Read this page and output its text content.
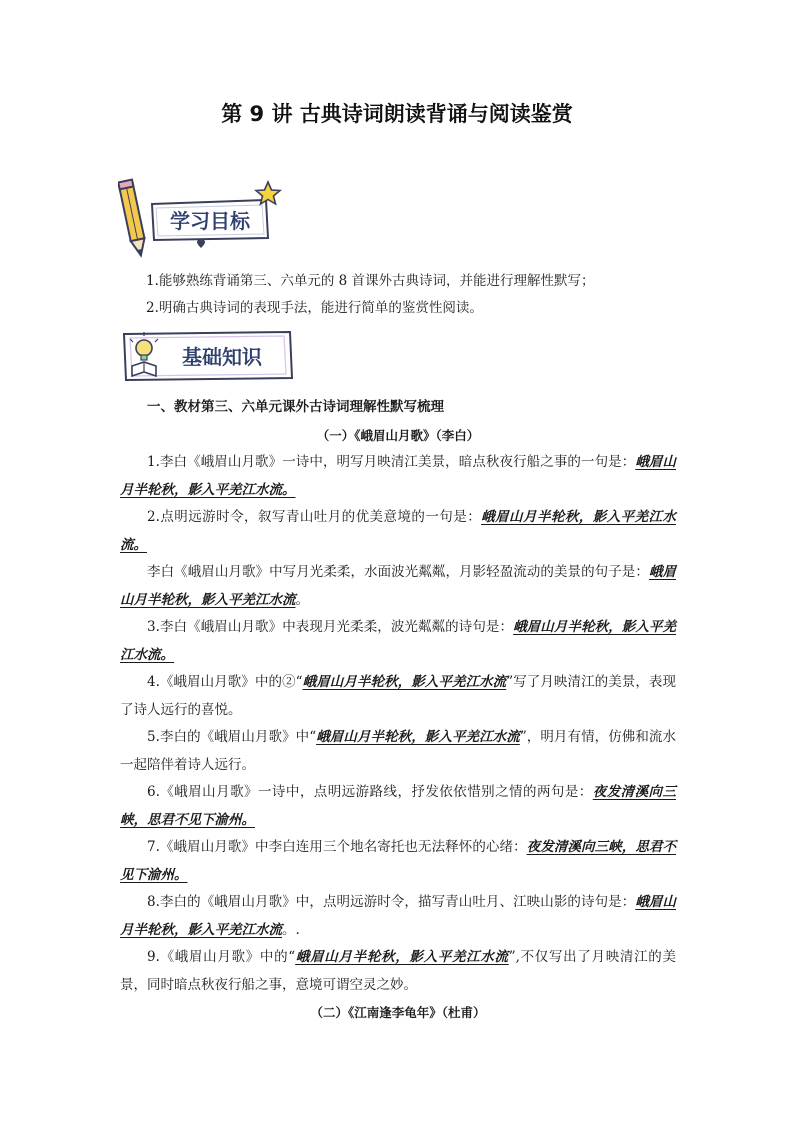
第 9 讲 古典诗词朗读背诵与阅读鉴赏
学习目标
1.能够熟练背诵第三、六单元的 8 首课外古典诗词，并能进行理解性默写；
2.明确古典诗词的表现手法，能进行简单的鉴赏性阅读。
基础知识

一、教材第三、六单元课外古诗词理解性默写梳理

（一）《峨眉山月歌》（李白）

1.李白《峨眉山月歌》一诗中，明写月映清江美景，暗点秋夜行船之事的一句是：峨眉山月半轮秋，影入平羌江水流。

2.点明远游时令，叙写青山吐月的优美意境的一句是：峨眉山月半轮秋，影入平羌江水流。

李白《峨眉山月歌》中写月光柔柔，水面波光粼粼，月影轻盈流动的美景的句子是：峨眉山月半轮秋，影入平羌江水流。

3.李白《峨眉山月歌》中表现月光柔柔，波光粼粼的诗句是：峨眉山月半轮秋，影入平羌江水流。

4.《峨眉山月歌》中的②“峨眉山月半轮秋，影入平羌江水流”写了月映清江的美景，表现了诗人远行的喜悦。

5.李白的《峨眉山月歌》中“峨眉山月半轮秋，影入平羌江水流”，明月有情，仿佛和流水一起陪伴着诗人远行。

6.《峨眉山月歌》一诗中，点明远游路线，抒发依依惜别之情的两句是：夜发清溪向三峡，思君不见下渝州。

7.《峨眉山月歌》中李白连用三个地名寄托也无法释怀的心绪：夜发清溪向三峡，思君不见下渝州。

8.李白的《峨眉山月歌》中，点明远游时令，描写青山吐月、江映山影的诗句是：峨眉山月半轮秋，影入平羌江水流。.

9.《峨眉山月歌》中的“峨眉山月半轮秋，影入平羌江水流”,不仅写出了月映清江的美景，同时暗点秋夜行船之事，意境可谓空灵之妙。

（二）《江南逢李龟年》（杜甫）
